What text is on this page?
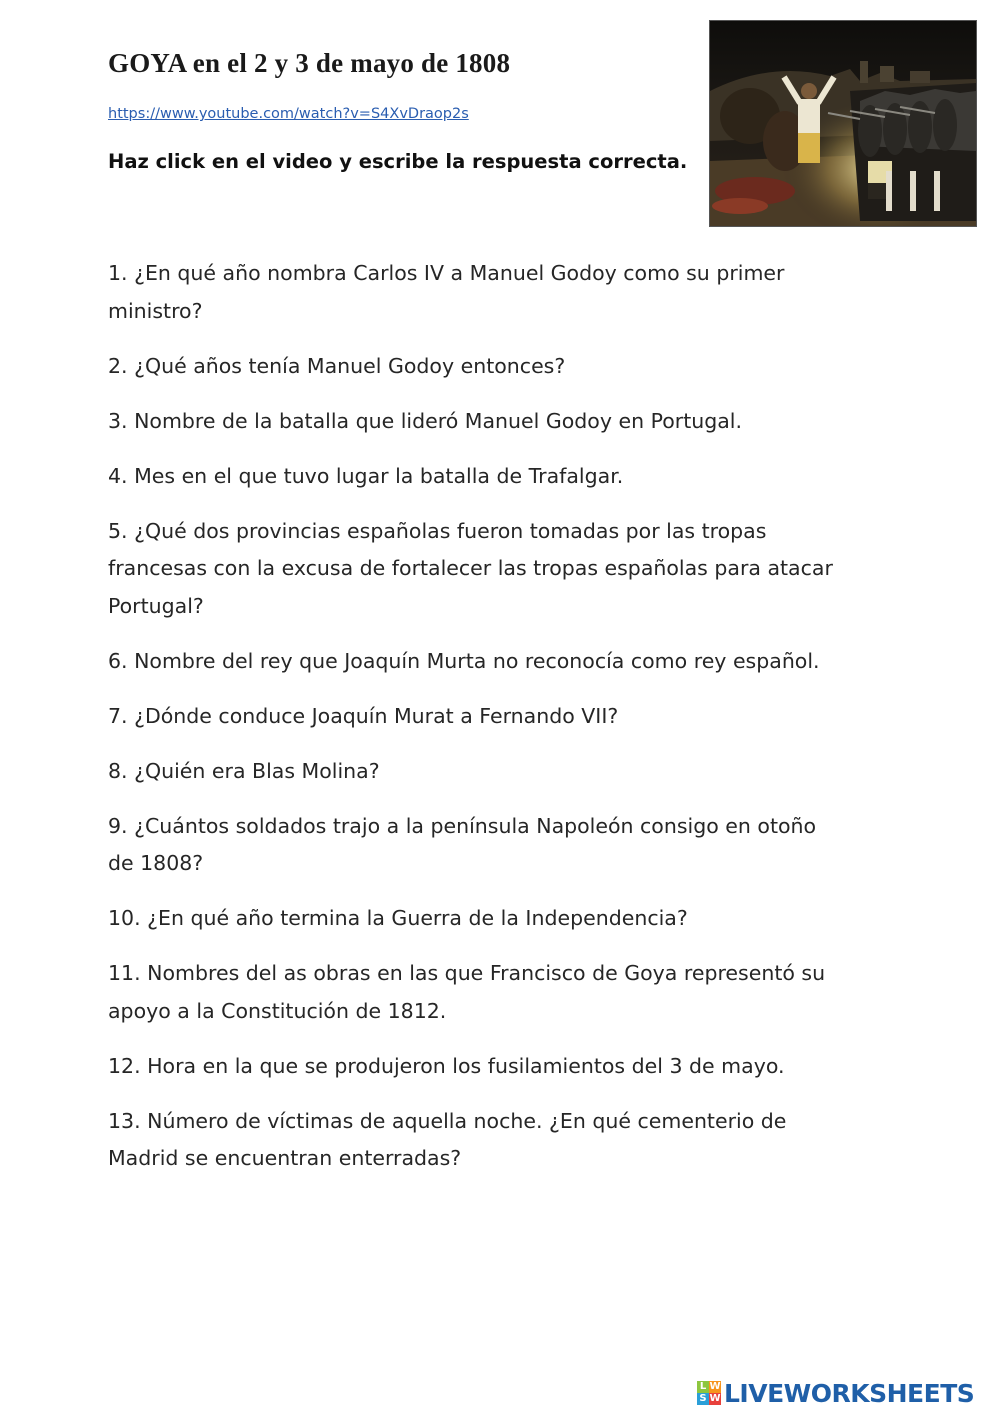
GOYA en el 2 y 3 de mayo de 1808
https://www.youtube.com/watch?v=S4XvDraop2s
Haz click en el video y escribe la respuesta correcta.
1. ¿En qué año nombra Carlos IV a Manuel Godoy como su primer ministro?
2. ¿Qué años tenía Manuel Godoy entonces?
3. Nombre de la batalla que lideró Manuel Godoy en Portugal.
4. Mes en el que tuvo lugar la batalla de Trafalgar.
5. ¿Qué dos provincias españolas fueron tomadas por las tropas francesas con la excusa de fortalecer las tropas españolas para atacar Portugal?
6. Nombre del rey que Joaquín Murta no reconocía como rey español.
7. ¿Dónde conduce Joaquín Murat a Fernando VII?
8. ¿Quién era Blas Molina?
9. ¿Cuántos soldados trajo a la península Napoleón consigo en otoño de 1808?
10. ¿En qué año termina la Guerra de la Independencia?
11. Nombres del as obras en las que Francisco de Goya representó su apoyo a la Constitución de 1812.
12. Hora en la que se produjeron los fusilamientos del 3 de mayo.
13. Número de víctimas de aquella noche. ¿En qué cementerio de Madrid se encuentran enterradas?
L W
S W LIVEWORKSHEETS
